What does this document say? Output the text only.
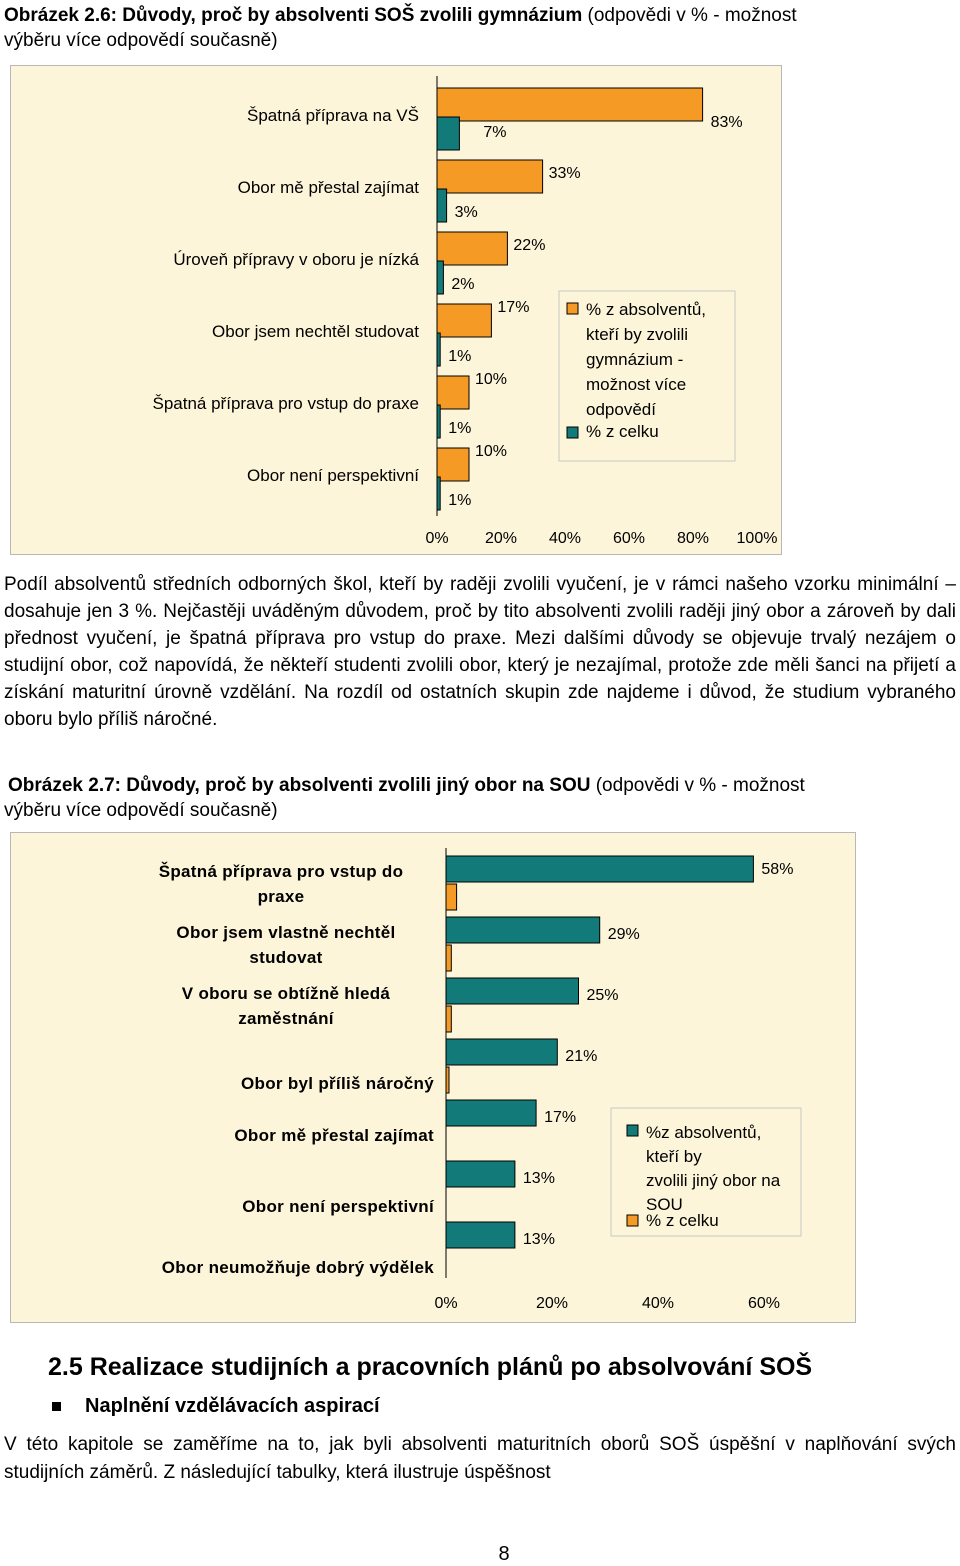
Obrázek 2.6: Důvody, proč by absolventi SOŠ zvolili gymnázium (odpovědi v % - možnost
výběru více odpovědí současně)
Špatná příprava na VŠ	83%
7%
Obor mě přestal zajímat
33%
3%
Úroveň přípravy v oboru je nízká
22%
2%
Obor jsem nechtěl studovat
17%
1%
Špatná příprava pro vstup do praxe
10%
1%
Obor není perspektivní
10%
1%
0% 20% 40% 60% 80% 100%
% z absolventů,
kteří by zvolili
gymnázium -
možnost více
odpovědí
% z celku
Podíl absolventů středních odborných škol, kteří by raději zvolili vyučení, je v rámci našeho vzorku minimální – dosahuje jen 3 %. Nejčastěji uváděným důvodem, proč by tito absolventi zvolili raději jiný obor a zároveň by dali přednost vyučení, je špatná příprava pro vstup do praxe. Mezi dalšími důvody se objevuje trvalý nezájem o studijní obor, což napovídá, že někteří studenti zvolili obor, který je nezajímal, protože zde měli šanci na přijetí a získání maturitní úrovně vzdělání. Na rozdíl od ostatních skupin zde najdeme i důvod, že studium vybraného oboru bylo příliš náročné.
Obrázek 2.7: Důvody, proč by absolventi zvolili jiný obor na SOU (odpovědi v % - možnost
výběru více odpovědí současně)
Špatná příprava pro vstup do
praxe
58%
Obor jsem vlastně nechtěl
studovat
29%
V oboru se obtížně hledá
zaměstnání
25%
Obor byl příliš náročný
21%
Obor mě přestal zajímat
17%
Obor není perspektivní
13%
Obor neumožňuje dobrý výdělek
13%
0%	20%	40%	60%
%z absolventů,
kteří by
zvolili jiný obor na
SOU
% z celku
2.5 Realizace studijních a pracovních plánů po absolvování SOŠ
Naplnění vzdělávacích aspirací
V této kapitole se zaměříme na to, jak byli absolventi maturitních oborů SOŠ úspěšní v naplňování svých studijních záměrů. Z následující tabulky, která ilustruje úspěšnost
8
